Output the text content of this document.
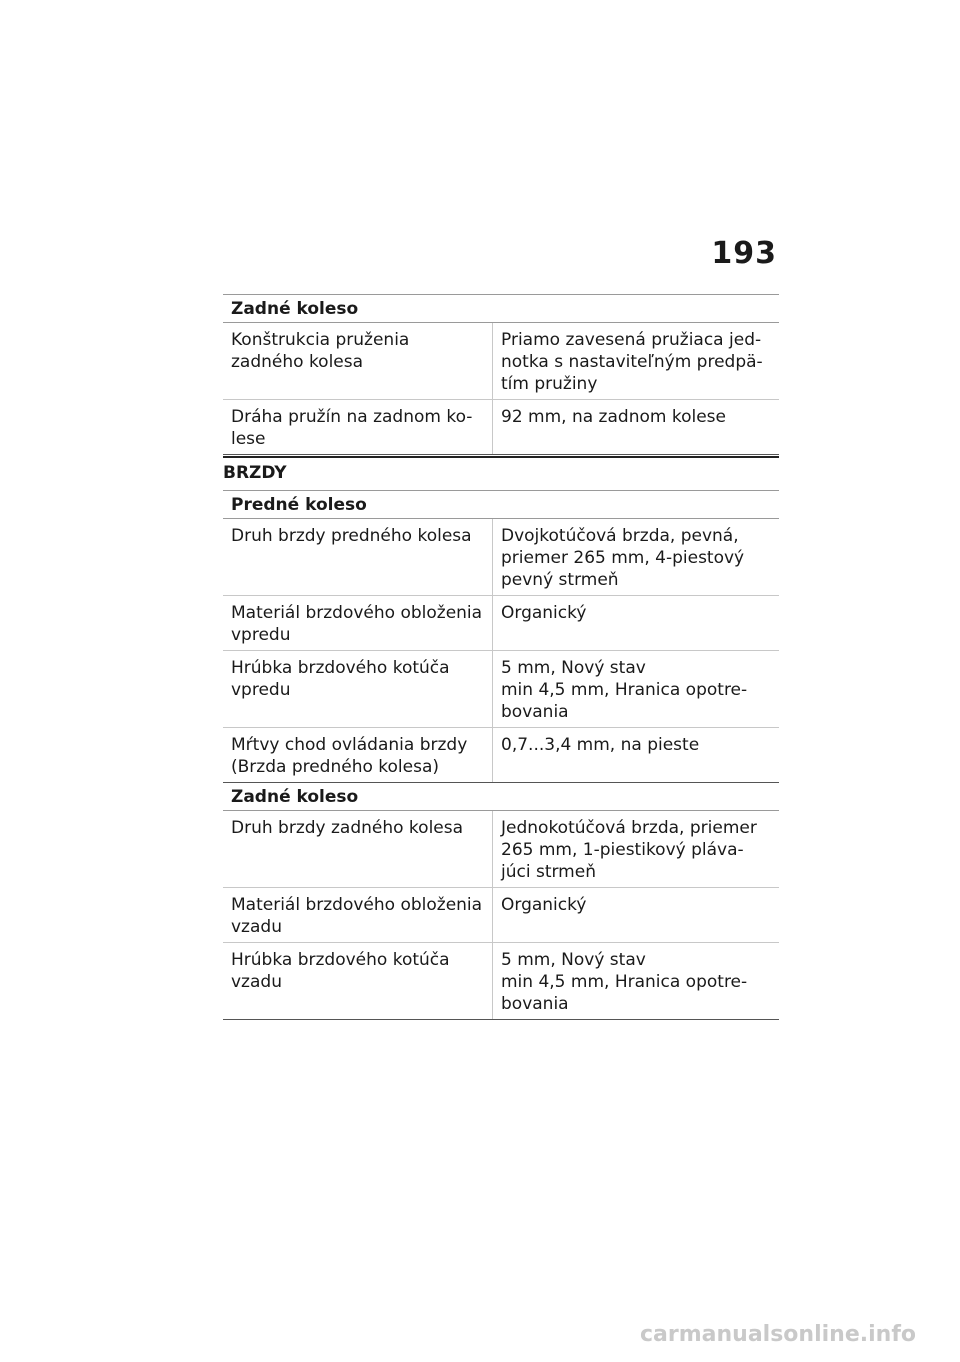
193
Zadné koleso
Konštrukcia pruženia zadného kolesa
Priamo zavesená pružiaca jed-notka s nastaviteľným predpä-tím pružiny
Dráha pružín na zadnom ko-lese
92 mm, na zadnom kolese
BRZDY
Predné koleso
Druh brzdy predného kolesa	Dvojkotúčová brzda, pevná, priemer 265 mm, 4-piestový pevný strmeň
Materiál brzdového obloženia vpredu
Organický
Hrúbka brzdového kotúča vpredu
5 mm, Nový stav
min 4,5 mm, Hranica opotre-bovania
Mŕtvy chod ovládania brzdy (Brzda predného kolesa)
0,7...3,4 mm, na pieste
Zadné koleso
Druh brzdy zadného kolesa	Jednokotúčová brzda, priemer 265 mm, 1-piestikový pláva-júci strmeň
Materiál brzdového obloženia vzadu
Organický
Hrúbka brzdového kotúča vzadu
5 mm, Nový stav
min 4,5 mm, Hranica opotre-bovania
carmanualsonline.info
